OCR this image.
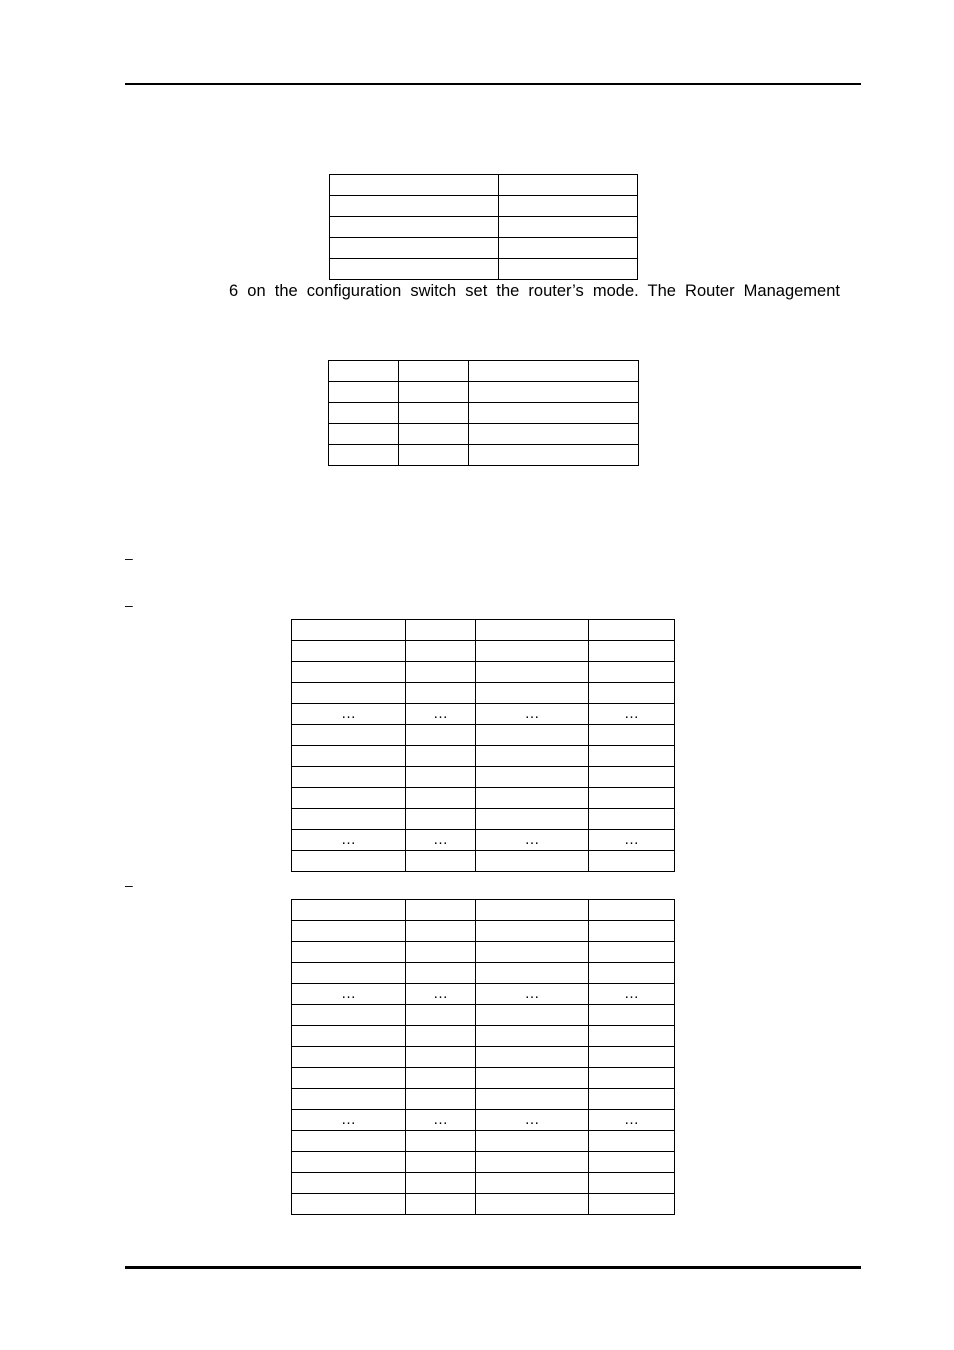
6 on the configuration switch set the router’s mode. The Router Management

–
–

…	…	…	…

…	…	…	…

–

…	…	…	…

…	…	…	…
